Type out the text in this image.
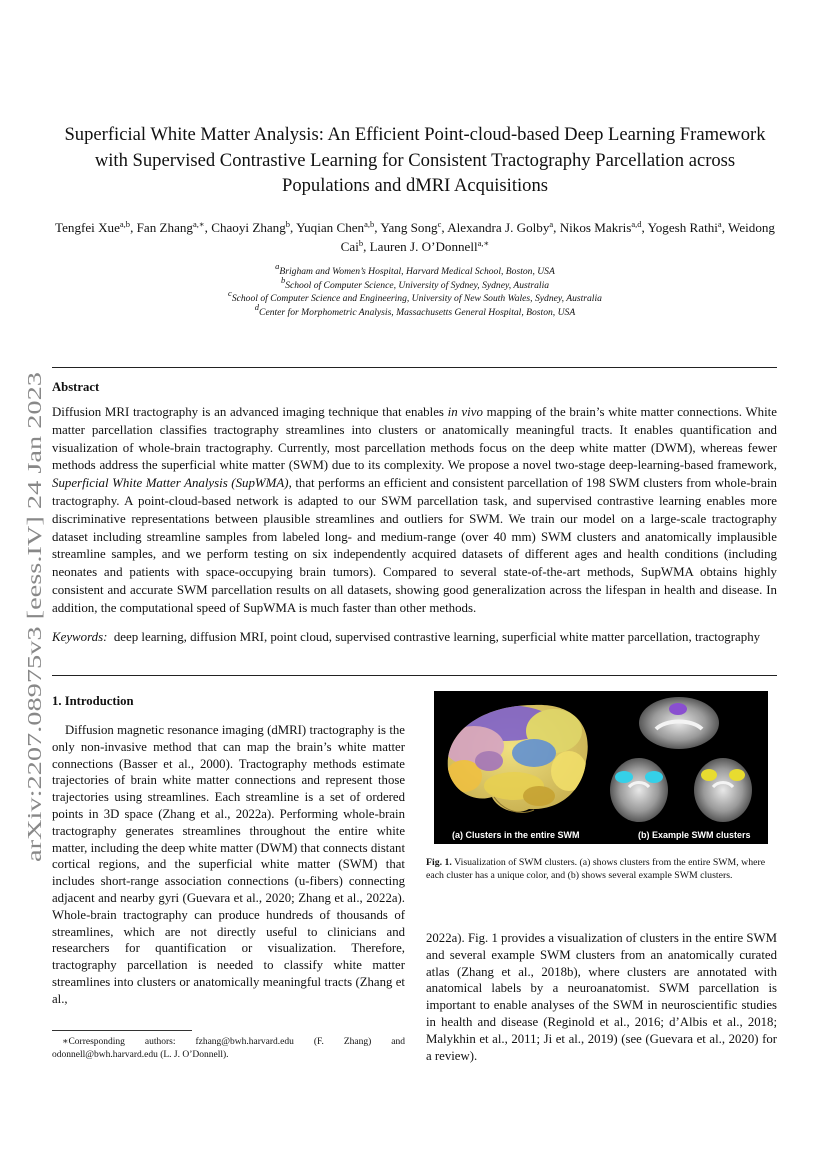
arXiv:2207.08975v3 [eess.IV] 24 Jan 2023
Superficial White Matter Analysis: An Efficient Point-cloud-based Deep Learning Framework with Supervised Contrastive Learning for Consistent Tractography Parcellation across Populations and dMRI Acquisitions
Tengfei Xue$^{a,b}$, Fan Zhang$^{a,∗}$, Chaoyi Zhang$^b$, Yuqian Chen$^{a,b}$, Yang Song$^c$, Alexandra J. Golby$^a$, Nikos Makris$^{a,d}$, Yogesh Rathi$^a$, Weidong Cai$^b$, Lauren J. O’Donnell$^{a,∗}$
$^a$Brigham and Women’s Hospital, Harvard Medical School, Boston, USA
$^b$School of Computer Science, University of Sydney, Sydney, Australia
$^c$School of Computer Science and Engineering, University of New South Wales, Sydney, Australia
$^d$Center for Morphometric Analysis, Massachusetts General Hospital, Boston, USA
Abstract
Diffusion MRI tractography is an advanced imaging technique that enables in vivo mapping of the brain’s white matter connections. White matter parcellation classifies tractography streamlines into clusters or anatomically meaningful tracts. It enables quantification and visualization of whole-brain tractography. Currently, most parcellation methods focus on the deep white matter (DWM), whereas fewer methods address the superficial white matter (SWM) due to its complexity. We propose a novel two-stage deep-learning-based framework, Superficial White Matter Analysis (SupWMA), that performs an efficient and consistent parcellation of 198 SWM clusters from whole-brain tractography. A point-cloud-based network is adapted to our SWM parcellation task, and supervised contrastive learning enables more discriminative representations between plausible streamlines and outliers for SWM. We train our model on a large-scale tractography dataset including streamline samples from labeled long- and medium-range (over 40 mm) SWM clusters and anatomically implausible streamline samples, and we perform testing on six independently acquired datasets of different ages and health conditions (including neonates and patients with space-occupying brain tumors). Compared to several state-of-the-art methods, SupWMA obtains highly consistent and accurate SWM parcellation results on all datasets, showing good generalization across the lifespan in health and disease. In addition, the computational speed of SupWMA is much faster than other methods.
Keywords: deep learning, diffusion MRI, point cloud, supervised contrastive learning, superficial white matter parcellation, tractography
1. Introduction
Diffusion magnetic resonance imaging (dMRI) tractography is the only non-invasive method that can map the brain’s white matter connections (Basser et al., 2000). Tractography methods estimate trajectories of brain white matter connections and represent those trajectories using streamlines. Each streamline is a set of ordered points in 3D space (Zhang et al., 2022a). Performing whole-brain tractography generates streamlines throughout the entire white matter, including the deep white matter (DWM) that connects distant cortical regions, and the superficial white matter (SWM) that includes short-range association connections (u-fibers) connecting adjacent and nearby gyri (Guevara et al., 2020; Zhang et al., 2022a). Whole-brain tractography can produce hundreds of thousands of streamlines, which are not directly useful to clinicians and researchers for quantification or visualization. Therefore, tractography parcellation is needed to classify white matter streamlines into clusters or anatomically meaningful tracts (Zhang et al.,
∗Corresponding authors: fzhang@bwh.harvard.edu (F. Zhang) and odonnell@bwh.harvard.edu (L. J. O’Donnell).
(a) Clusters in the entire SWM	(b) Example SWM clusters
Fig. 1. Visualization of SWM clusters. (a) shows clusters from the entire SWM, where each cluster has a unique color, and (b) shows several example SWM clusters.
2022a). Fig. 1 provides a visualization of clusters in the entire SWM and several example SWM clusters from an anatomically curated atlas (Zhang et al., 2018b), where clusters are annotated with anatomical labels by a neuroanatomist. SWM parcellation is important to enable analyses of the SWM in neuroscientific studies in health and disease (Reginold et al., 2016; d’Albis et al., 2018; Malykhin et al., 2011; Ji et al., 2019) (see (Guevara et al., 2020) for a review).
